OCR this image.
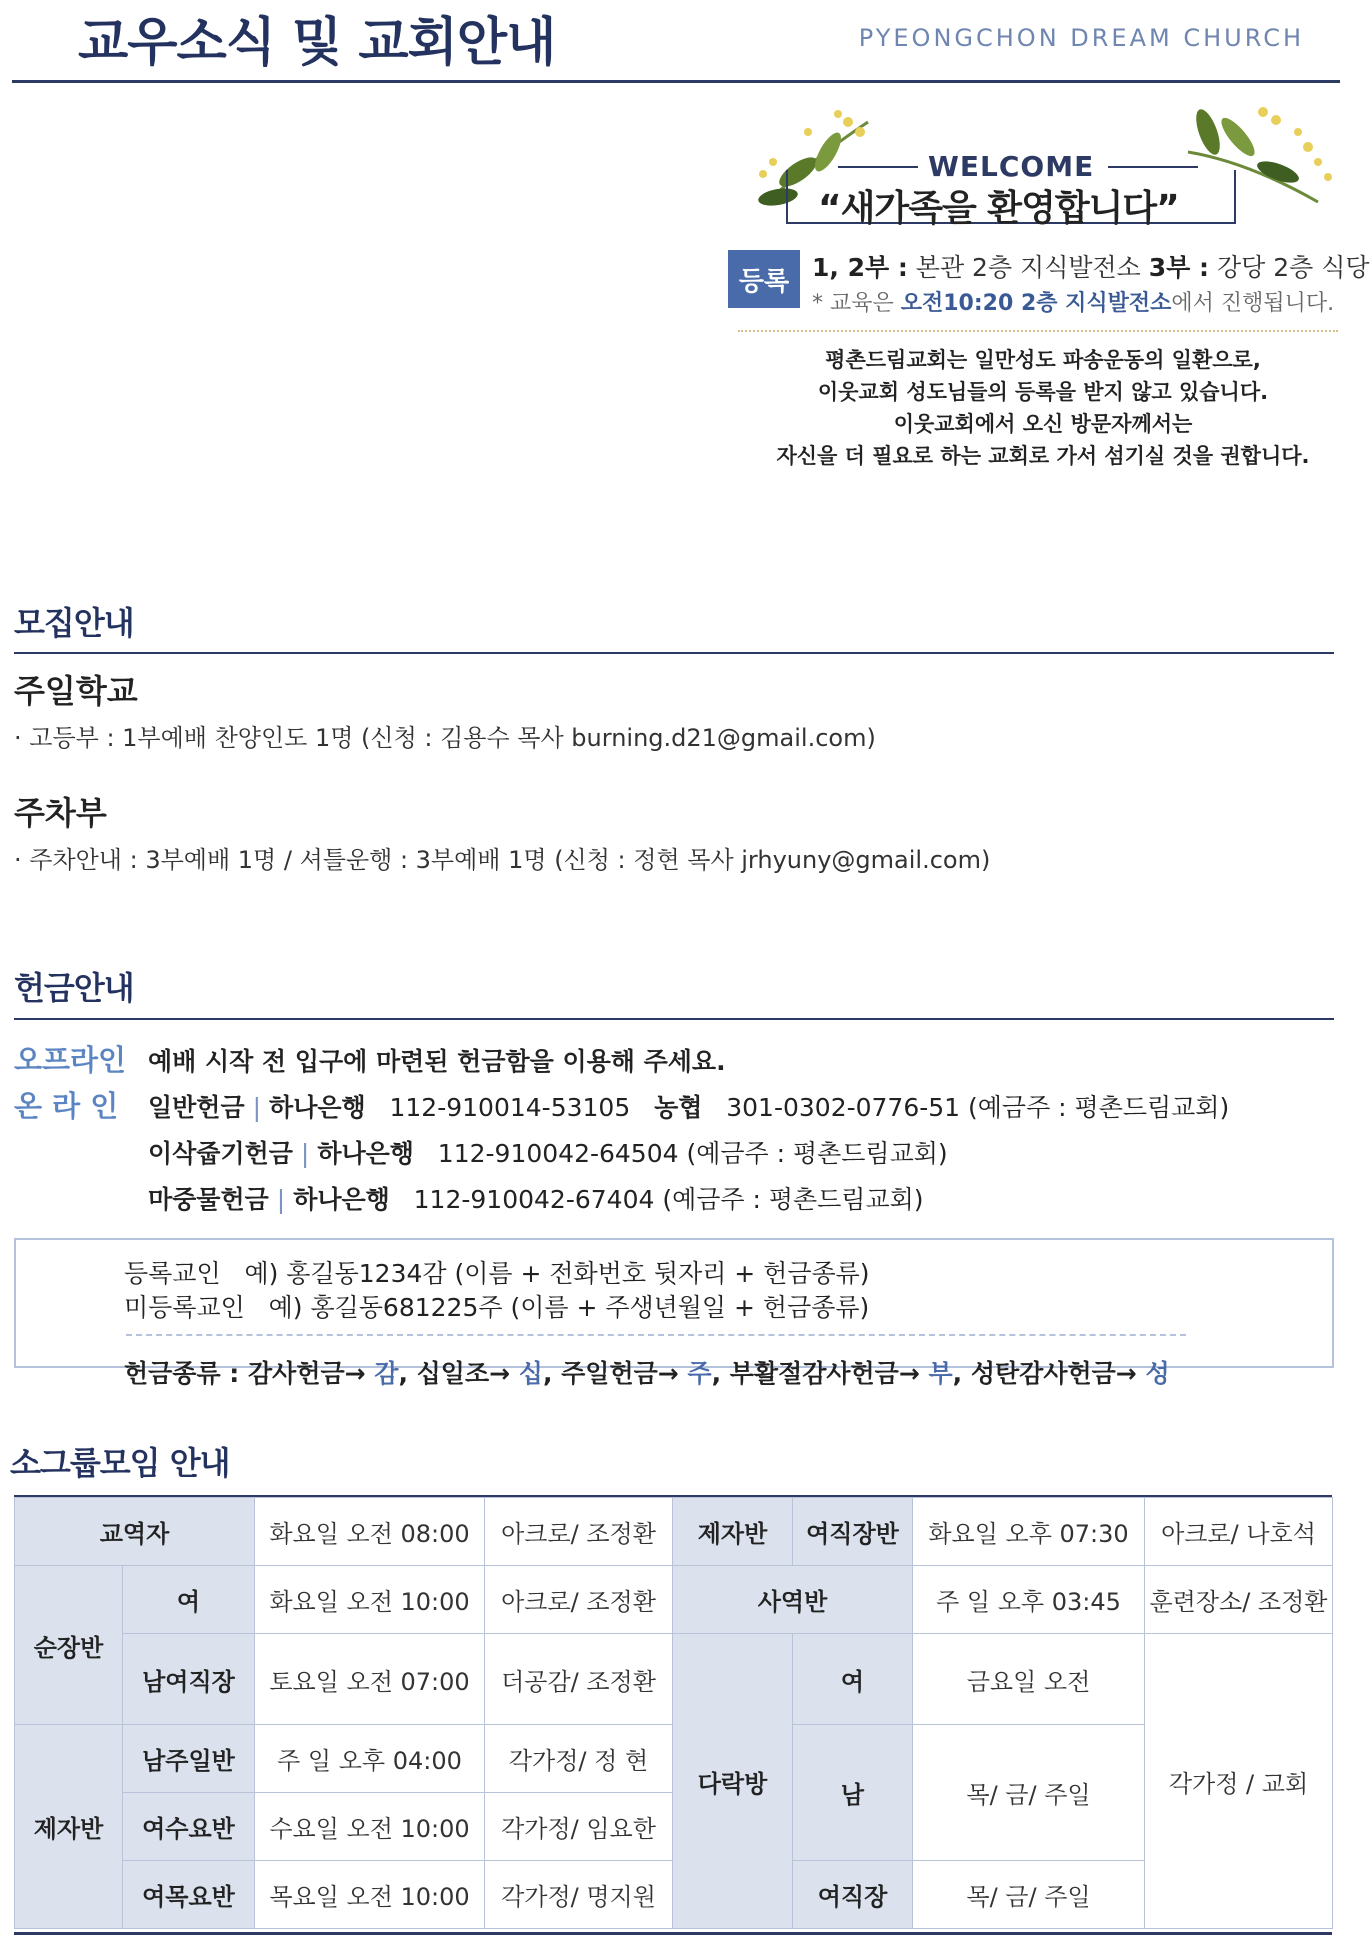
교우소식 및 교회안내	PYEONGCHON DREAM CHURCH
WELCOME
“새가족을 환영합니다”
등록 1, 2부 : 본관 2층 지식발전소 3부 : 강당 2층 식당
* 교육은 오전10:20 2층 지식발전소에서 진행됩니다.
평촌드림교회는 일만성도 파송운동의 일환으로,
이웃교회 성도님들의 등록을 받지 않고 있습니다.
이웃교회에서 오신 방문자께서는
자신을 더 필요로 하는 교회로 가서 섬기실 것을 권합니다.
모집안내
주일학교
· 고등부 : 1부예배 찬양인도 1명 (신청 : 김용수 목사 burning.d21@gmail.com)
주차부
· 주차안내 : 3부예배 1명 / 셔틀운행 : 3부예배 1명 (신청 : 정현 목사 jrhyuny@gmail.com)
헌금안내
오프라인 예배 시작 전 입구에 마련된 헌금함을 이용해 주세요.
온 라 인 일반헌금 | 하나은행 112-910014-53105 농협 301-0302-0776-51 (예금주 : 평촌드림교회)
이삭줍기헌금 | 하나은행 112-910042-64504 (예금주 : 평촌드림교회)
마중물헌금 | 하나은행 112-910042-67404 (예금주 : 평촌드림교회)
등록교인 예) 홍길동1234감 (이름 + 전화번호 뒷자리 + 헌금종류)
미등록교인 예) 홍길동681225주 (이름 + 주생년월일 + 헌금종류)
헌금종류 : 감사헌금→ 감, 십일조→ 십, 주일헌금→ 주, 부활절감사헌금→ 부, 성탄감사헌금→ 성
소그룹모임 안내
교역자		화요일 오전 08:00	아크로/ 조정환	제자반	여직장반	화요일 오후 07:30	아크로/ 나호석
순장반	여	화요일 오전 10:00	아크로/ 조정환	사역반		주 일 오후 03:45	훈련장소/ 조정환
	남여직장	토요일 오전 07:00	더공감/ 조정환	다락방	여	금요일 오전	각가정 / 교회
제자반	남주일반	주 일 오후 04:00	각가정/ 정 현		남	목/ 금/ 주일	
	여수요반	수요일 오전 10:00	각가정/ 임요한				
	여목요반	목요일 오전 10:00	각가정/ 명지원		여직장	목/ 금/ 주일	
